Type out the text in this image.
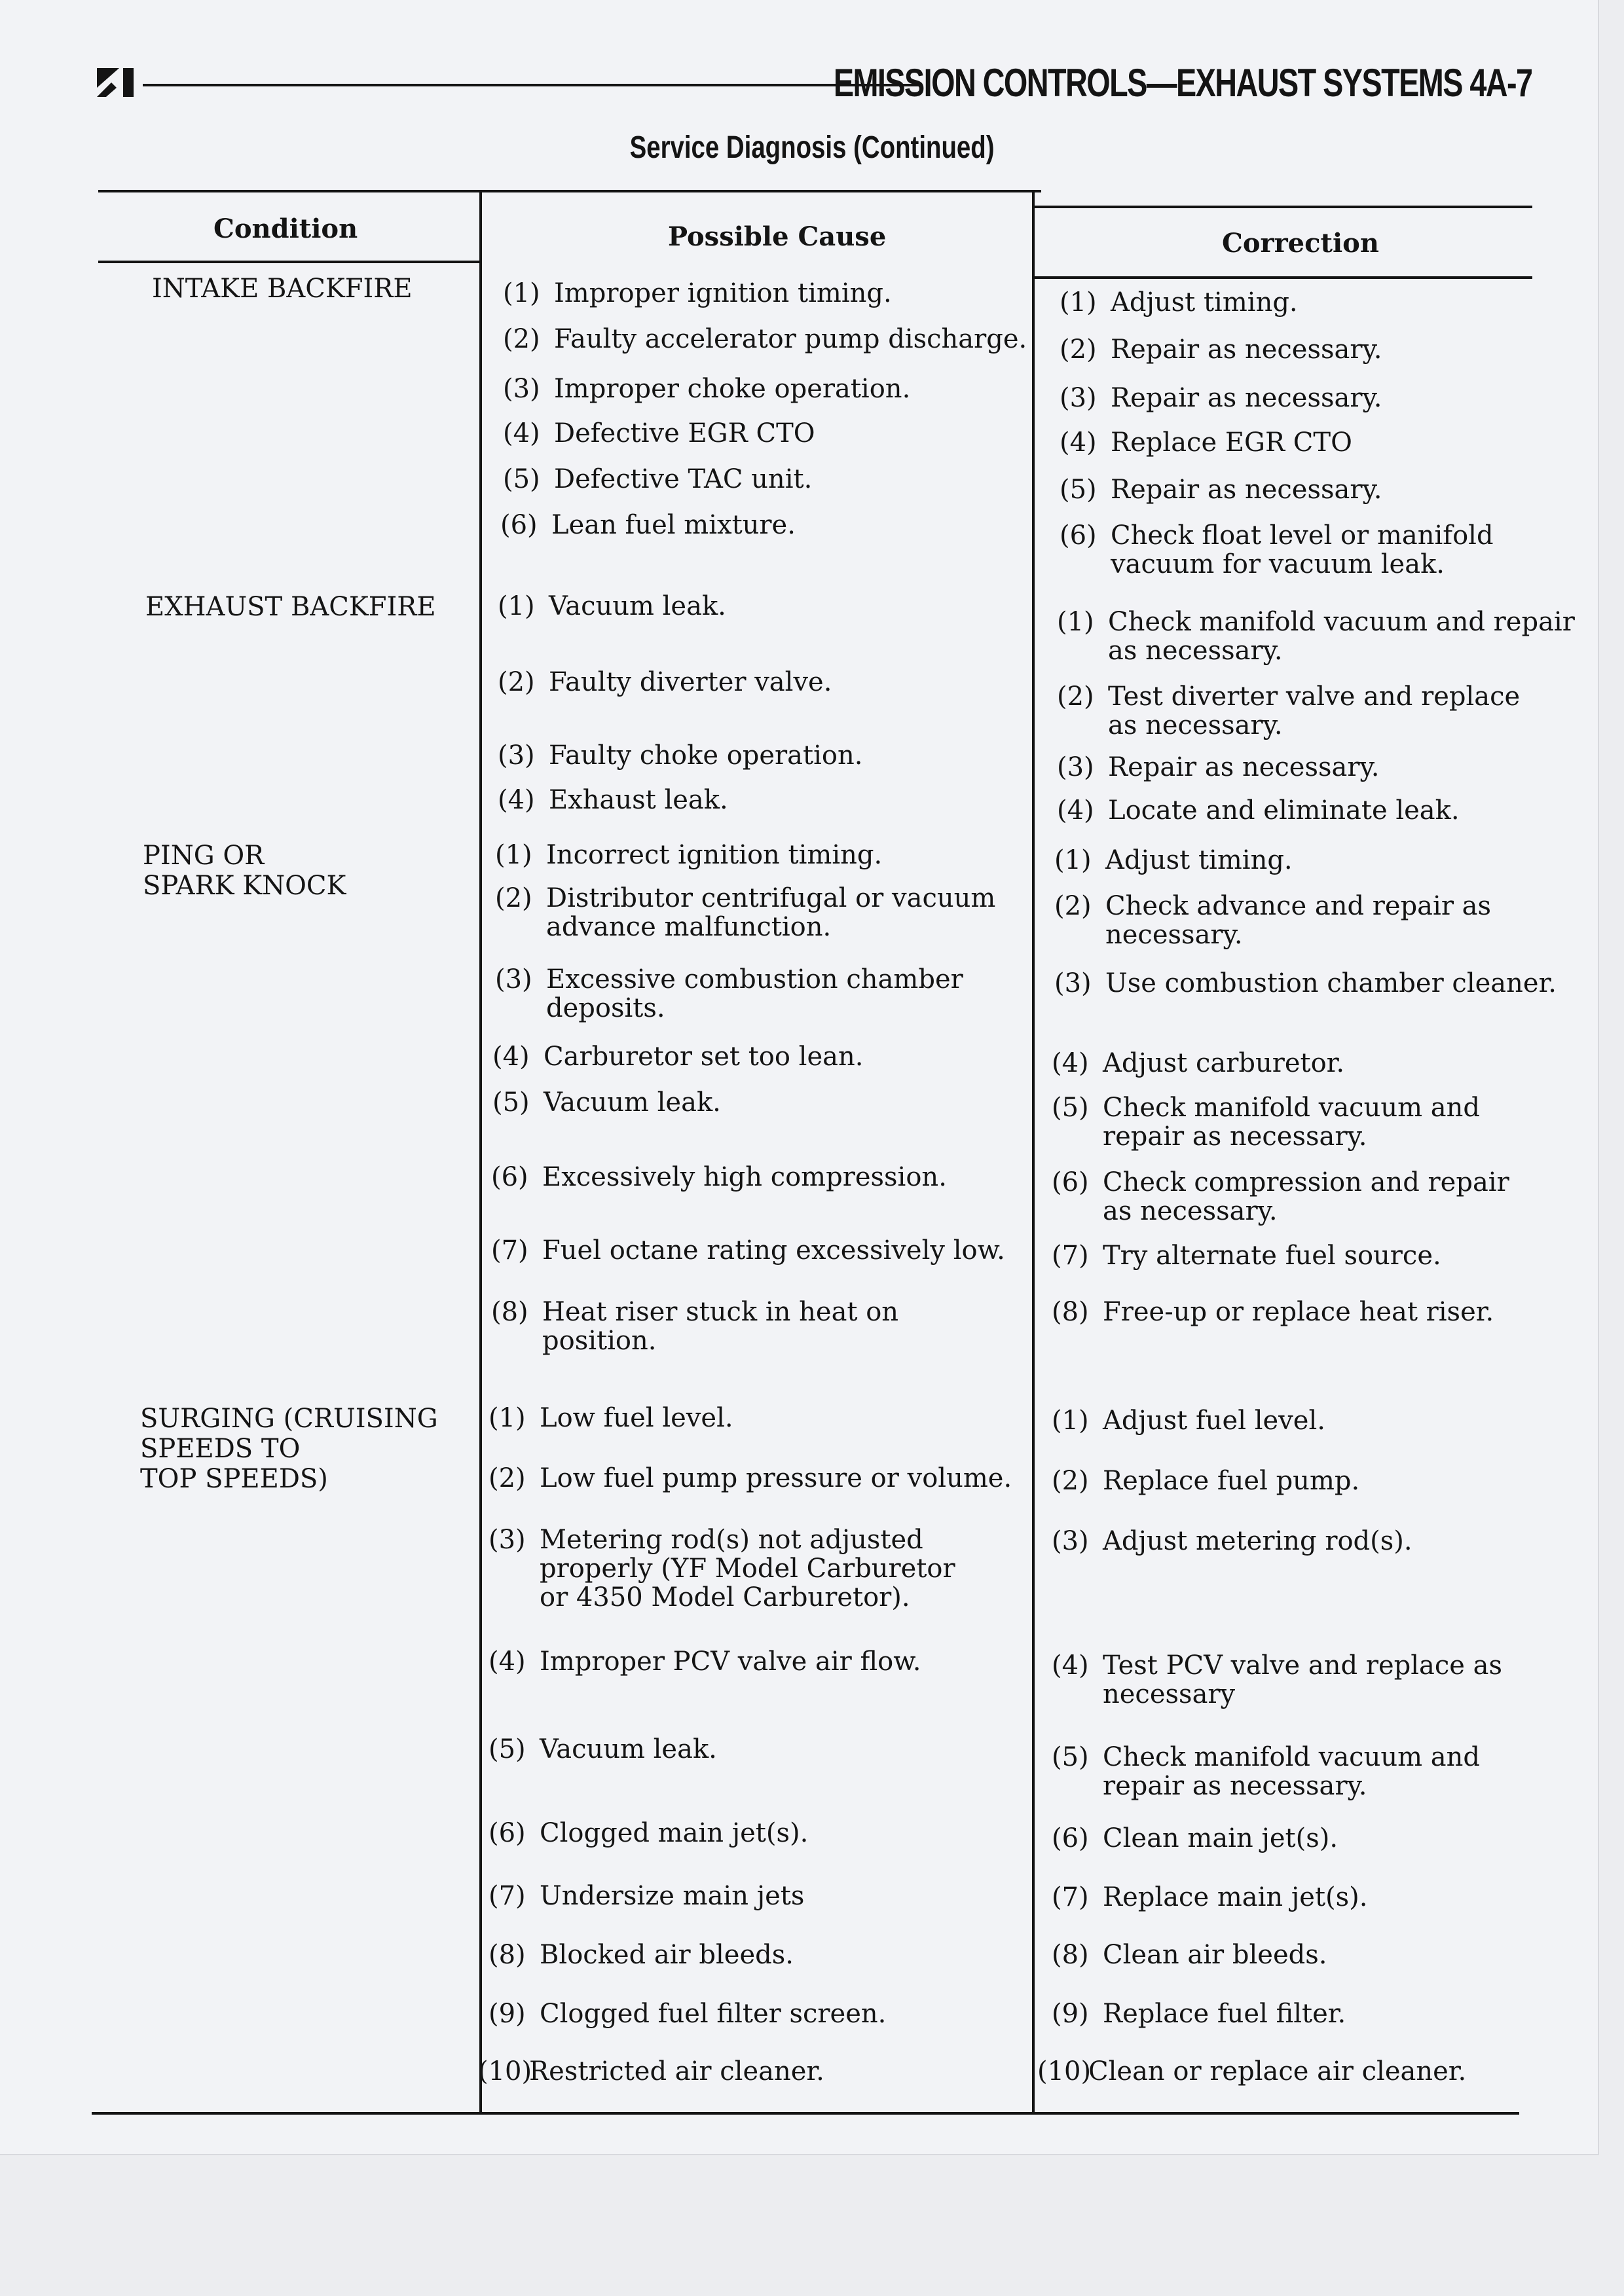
EMISSION CONTROLS—EXHAUST SYSTEMS 4A-7
Service Diagnosis (Continued)
Condition	Possible Cause	Correction
INTAKE BACKFIRE
EXHAUST BACKFIRE
PING OR
SPARK KNOCK
SURGING (CRUISING
SPEEDS TO
TOP SPEEDS)
(1) Improper ignition timing.
(2) Faulty accelerator pump discharge.
(3) Improper choke operation.
(4) Defective EGR CTO
(5) Defective TAC unit.
(6) Lean fuel mixture.
(1) Vacuum leak.
(2) Faulty diverter valve.
(3) Faulty choke operation.
(4) Exhaust leak.
(1) Incorrect ignition timing.
(2) Distributor centrifugal or vacuum
advance malfunction.
(3) Excessive combustion chamber
deposits.
(4) Carburetor set too lean.
(5) Vacuum leak.
(6) Excessively high compression.
(7) Fuel octane rating excessively low.
(8) Heat riser stuck in heat on
position.
(1) Low fuel level.
(2) Low fuel pump pressure or volume.
(3) Metering rod(s) not adjusted
properly (YF Model Carburetor
or 4350 Model Carburetor).
(4) Improper PCV valve air flow.
(5) Vacuum leak.
(6) Clogged main jet(s).
(7) Undersize main jets
(8) Blocked air bleeds.
(9) Clogged fuel filter screen.
(10)Restricted air cleaner.
(1) Adjust timing.
(2) Repair as necessary.
(3) Repair as necessary.
(4) Replace EGR CTO
(5) Repair as necessary.
(6) Check float level or manifold
vacuum for vacuum leak.
(1) Check manifold vacuum and repair
as necessary.
(2) Test diverter valve and replace
as necessary.
(3) Repair as necessary.
(4) Locate and eliminate leak.
(1) Adjust timing.
(2) Check advance and repair as
necessary.
(3) Use combustion chamber cleaner.
(4) Adjust carburetor.
(5) Check manifold vacuum and
repair as necessary.
(6) Check compression and repair
as necessary.
(7) Try alternate fuel source.
(8) Free-up or replace heat riser.
(1) Adjust fuel level.
(2) Replace fuel pump.
(3) Adjust metering rod(s).
(4) Test PCV valve and replace as
necessary
(5) Check manifold vacuum and
repair as necessary.
(6) Clean main jet(s).
(7) Replace main jet(s).
(8) Clean air bleeds.
(9) Replace fuel filter.
(10)Clean or replace air cleaner.
